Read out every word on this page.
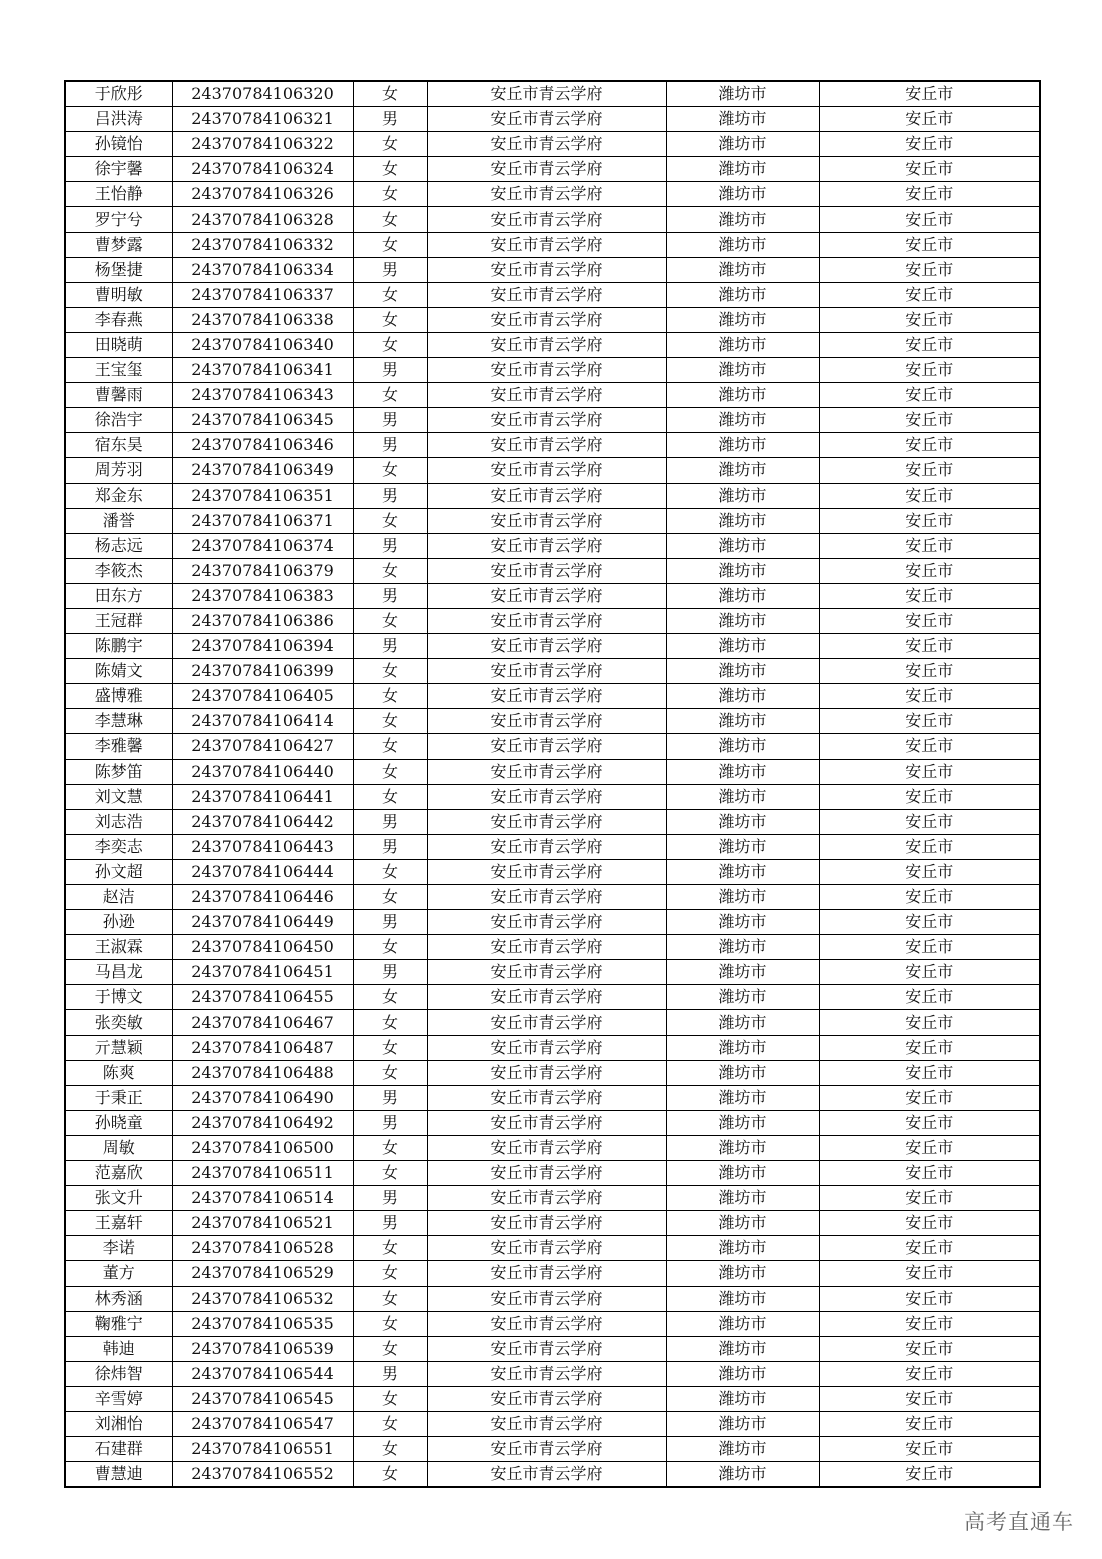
于欣彤	24370784106320	女	安丘市青云学府	潍坊市	安丘市
吕洪涛	24370784106321	男	安丘市青云学府	潍坊市	安丘市
孙镜怡	24370784106322	女	安丘市青云学府	潍坊市	安丘市
徐宇馨	24370784106324	女	安丘市青云学府	潍坊市	安丘市
王怡静	24370784106326	女	安丘市青云学府	潍坊市	安丘市
罗宁兮	24370784106328	女	安丘市青云学府	潍坊市	安丘市
曹梦露	24370784106332	女	安丘市青云学府	潍坊市	安丘市
杨堡捷	24370784106334	男	安丘市青云学府	潍坊市	安丘市
曹明敏	24370784106337	女	安丘市青云学府	潍坊市	安丘市
李春燕	24370784106338	女	安丘市青云学府	潍坊市	安丘市
田晓萌	24370784106340	女	安丘市青云学府	潍坊市	安丘市
王宝玺	24370784106341	男	安丘市青云学府	潍坊市	安丘市
曹馨雨	24370784106343	女	安丘市青云学府	潍坊市	安丘市
徐浩宇	24370784106345	男	安丘市青云学府	潍坊市	安丘市
宿东昊	24370784106346	男	安丘市青云学府	潍坊市	安丘市
周芳羽	24370784106349	女	安丘市青云学府	潍坊市	安丘市
郑金东	24370784106351	男	安丘市青云学府	潍坊市	安丘市
潘誉	24370784106371	女	安丘市青云学府	潍坊市	安丘市
杨志远	24370784106374	男	安丘市青云学府	潍坊市	安丘市
李筱杰	24370784106379	女	安丘市青云学府	潍坊市	安丘市
田东方	24370784106383	男	安丘市青云学府	潍坊市	安丘市
王冠群	24370784106386	女	安丘市青云学府	潍坊市	安丘市
陈鹏宇	24370784106394	男	安丘市青云学府	潍坊市	安丘市
陈婧文	24370784106399	女	安丘市青云学府	潍坊市	安丘市
盛博雅	24370784106405	女	安丘市青云学府	潍坊市	安丘市
李慧琳	24370784106414	女	安丘市青云学府	潍坊市	安丘市
李雅馨	24370784106427	女	安丘市青云学府	潍坊市	安丘市
陈梦笛	24370784106440	女	安丘市青云学府	潍坊市	安丘市
刘文慧	24370784106441	女	安丘市青云学府	潍坊市	安丘市
刘志浩	24370784106442	男	安丘市青云学府	潍坊市	安丘市
李奕志	24370784106443	男	安丘市青云学府	潍坊市	安丘市
孙文超	24370784106444	女	安丘市青云学府	潍坊市	安丘市
赵洁	24370784106446	女	安丘市青云学府	潍坊市	安丘市
孙逊	24370784106449	男	安丘市青云学府	潍坊市	安丘市
王淑霖	24370784106450	女	安丘市青云学府	潍坊市	安丘市
马昌龙	24370784106451	男	安丘市青云学府	潍坊市	安丘市
于博文	24370784106455	女	安丘市青云学府	潍坊市	安丘市
张奕敏	24370784106467	女	安丘市青云学府	潍坊市	安丘市
亓慧颖	24370784106487	女	安丘市青云学府	潍坊市	安丘市
陈爽	24370784106488	女	安丘市青云学府	潍坊市	安丘市
于秉正	24370784106490	男	安丘市青云学府	潍坊市	安丘市
孙晓童	24370784106492	男	安丘市青云学府	潍坊市	安丘市
周敏	24370784106500	女	安丘市青云学府	潍坊市	安丘市
范嘉欣	24370784106511	女	安丘市青云学府	潍坊市	安丘市
张文升	24370784106514	男	安丘市青云学府	潍坊市	安丘市
王嘉轩	24370784106521	男	安丘市青云学府	潍坊市	安丘市
李诺	24370784106528	女	安丘市青云学府	潍坊市	安丘市
董方	24370784106529	女	安丘市青云学府	潍坊市	安丘市
林秀涵	24370784106532	女	安丘市青云学府	潍坊市	安丘市
鞠雅宁	24370784106535	女	安丘市青云学府	潍坊市	安丘市
韩迪	24370784106539	女	安丘市青云学府	潍坊市	安丘市
徐炜智	24370784106544	男	安丘市青云学府	潍坊市	安丘市
辛雪婷	24370784106545	女	安丘市青云学府	潍坊市	安丘市
刘湘怡	24370784106547	女	安丘市青云学府	潍坊市	安丘市
石建群	24370784106551	女	安丘市青云学府	潍坊市	安丘市
曹慧迪	24370784106552	女	安丘市青云学府	潍坊市	安丘市
高考直通车
